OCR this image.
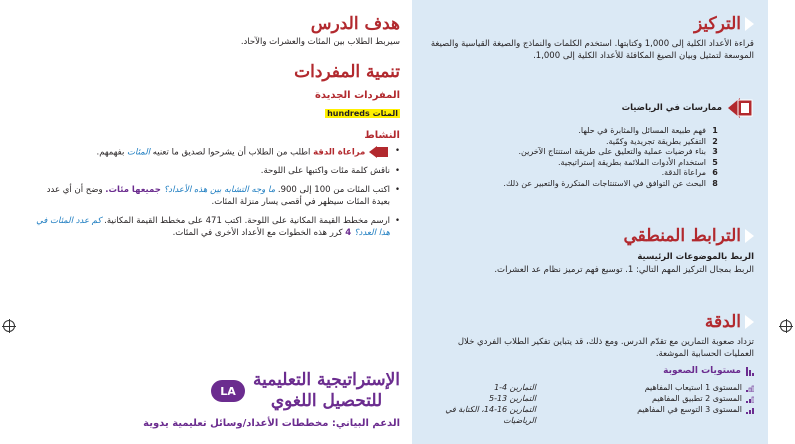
التركيز

قراءة الأعداد الكلية إلى 1,000 وكتابتها. استخدم الكلمات والنماذج والصيغة القياسية والصيغة الموسعة لتمثيل وبيان الصيغ المكافئة للأعداد الكلية إلى 1,000.

ممارسات في الرياضيات
1
فهم طبيعة المسائل والمثابرة في حلها.
2
التفكير بطريقة تجريدية وكمّية.
3
بناء فرضيات عملية والتعليق على طريقة استنتاج الآخرين.
5
استخدام الأدوات الملائمة بطريقة إستراتيجية.
6
مراعاة الدقة.
8
البحث عن التوافق في الاستنتاجات المتكررة والتعبير عن ذلك.
الترابط المنطقي
الربط بالموضوعات الرئيسية

الربط بمجال التركيز المهم التالي: 1. توسيع فهم ترميز نظام عد العشرات.

الدقة

تزداد صعوبة التمارين مع تقدّم الدرس. ومع ذلك، قد يتباين تفكير الطلاب الفردي خلال العمليات الحسابية الموشعة.

مستويات الصعوبة
المستوى 1 استيعاب المفاهيم
المستوى 2 تطبيق المفاهيم
المستوى 3 التوسع في المفاهيم
التمارين 4-1
التمارين 13-5
التمارين 16-14، الكتابة في الرياضيات
هدف الدرس

سيربط الطلاب بين المئات والعشرات والآحاد.

تنمية المفردات
المفردات الجديدة
المئات hundreds
النشاط
• مراعاة الدقة اطلب من الطلاب أن يشرحوا لصديق ما تعنيه المئات بفهمهم.
• ناقش كلمة مئات واكتبها على اللوحة.
• اكتب المئات من 100 إلى 900. ما وجه التشابه بين هذه الأعداد؟ جميعها مئات. وضح أن أي عدد بعيدة المئات سيظهر في أقصى يسار منزلة المئات.
• ارسم مخطط القيمة المكانية على اللوحة. اكتب 471 على مخطط القيمة المكانية. كم عدد المئات في هذا العدد؟ 4 كرر هذه الخطوات مع الأعداد الأخرى في المئات.
LA
الإستراتيجية التعليمية
للتحصيل اللغوي
الدعم البياني: مخططات الأعداد/وسائل تعليمية يدوية
